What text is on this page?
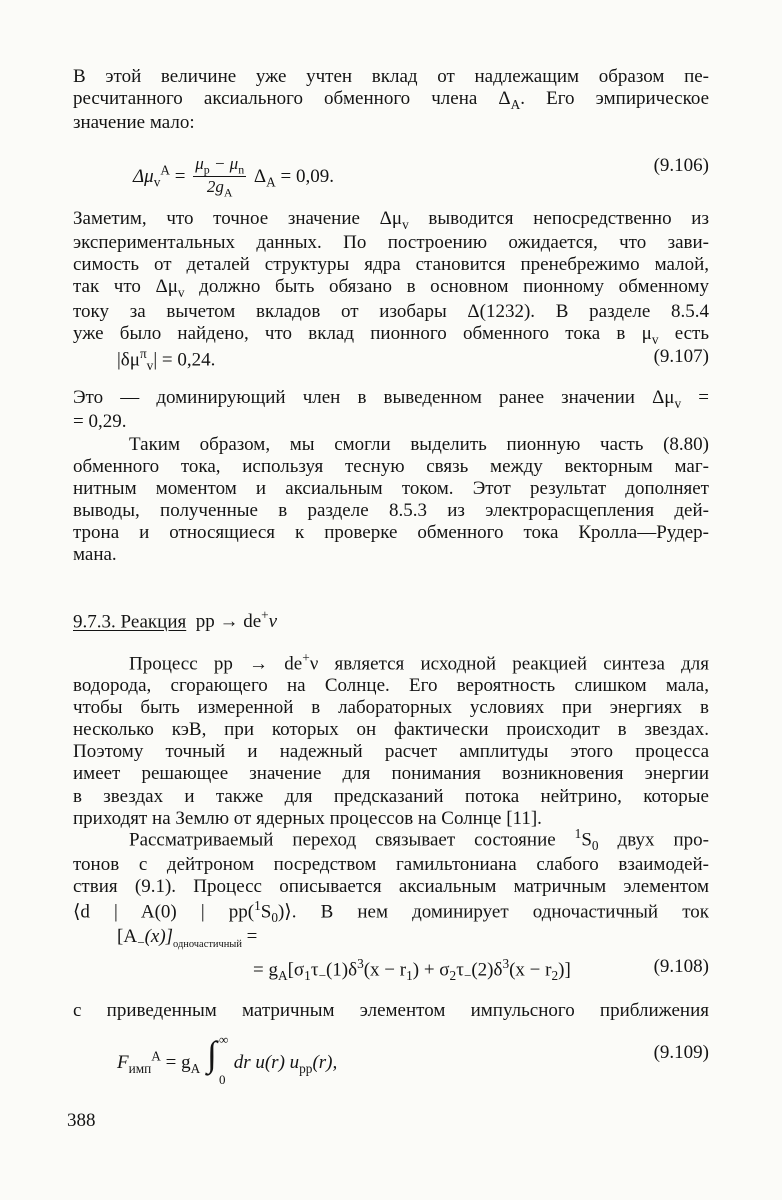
В этой величине уже учтен вклад от надлежащим образом пе-
ресчитанного аксиального обменного члена $\Delta_A$. Его эмпирическое
значение мало:
$\Delta\mu_v^A = \frac{\mu_p - \mu_n}{2g_A} \Delta_A = 0,09$.
(9.106)
Заметим, что точное значение $\Delta\mu_v$ выводится непосредственно из
экспериментальных данных. По построению ожидается, что зави-
симость от деталей структуры ядра становится пренебрежимо малой,
так что $\Delta\mu_v$ должно быть обязано в основном пионному обменному
току за вычетом вкладов от изобары Δ(1232). В разделе 8.5.4
уже было найдено, что вклад пионного обменного тока в $\mu_v$ есть
$|\delta\mu^\pi_v| = 0,24$.	(9.107)
Это — доминирующий член в выведенном ранее значении $\Delta\mu_v$ =
= 0,29.
Таким образом, мы смогли выделить пионную часть (8.80)
обменного тока, используя тесную связь между векторным маг-
нитным моментом и аксиальным током. Этот результат дополняет
выводы, полученные в разделе 8.5.3 из электрорасщепления дей-
трона и относящиеся к проверке обменного тока Кролла—Рудер-
мана.
9.7.3. Реакция pp → de+ν
Процесс pp → de+ν является исходной реакцией синтеза для
водорода, сгорающего на Солнце. Его вероятность слишком мала,
чтобы быть измеренной в лабораторных условиях при энергиях в
несколько кэВ, при которых он фактически происходит в звездах.
Поэтому точный и надежный расчет амплитуды этого процесса
имеет решающее значение для понимания возникновения энергии
в звездах и также для предсказаний потока нейтрино, которые
приходят на Землю от ядерных процессов на Солнце [11].
Рассматриваемый переход связывает состояние $^1S_0$ двух про-
тонов с дейтроном посредством гамильтониана слабого взаимодей-
ствия (9.1). Процесс описывается аксиальным матричным элементом
⟨d | A(0) | $pp(^1S_0)⟩$. В нем доминирует одночастичный ток
$[A_-(x)]_{одночастичный}$ =
= $g_A[\sigma_1\tau_-(1)\delta^3(x - r_1) + \sigma_2\tau_-(2)\delta^3(x - r_2)]$	(9.108)
с приведенным матричным элементом импульсного приближения
$F_{имп}^A = g_A$ ∫ ∞
0
dr u(r) $u_{pp}(r)$,	(9.109)
388
